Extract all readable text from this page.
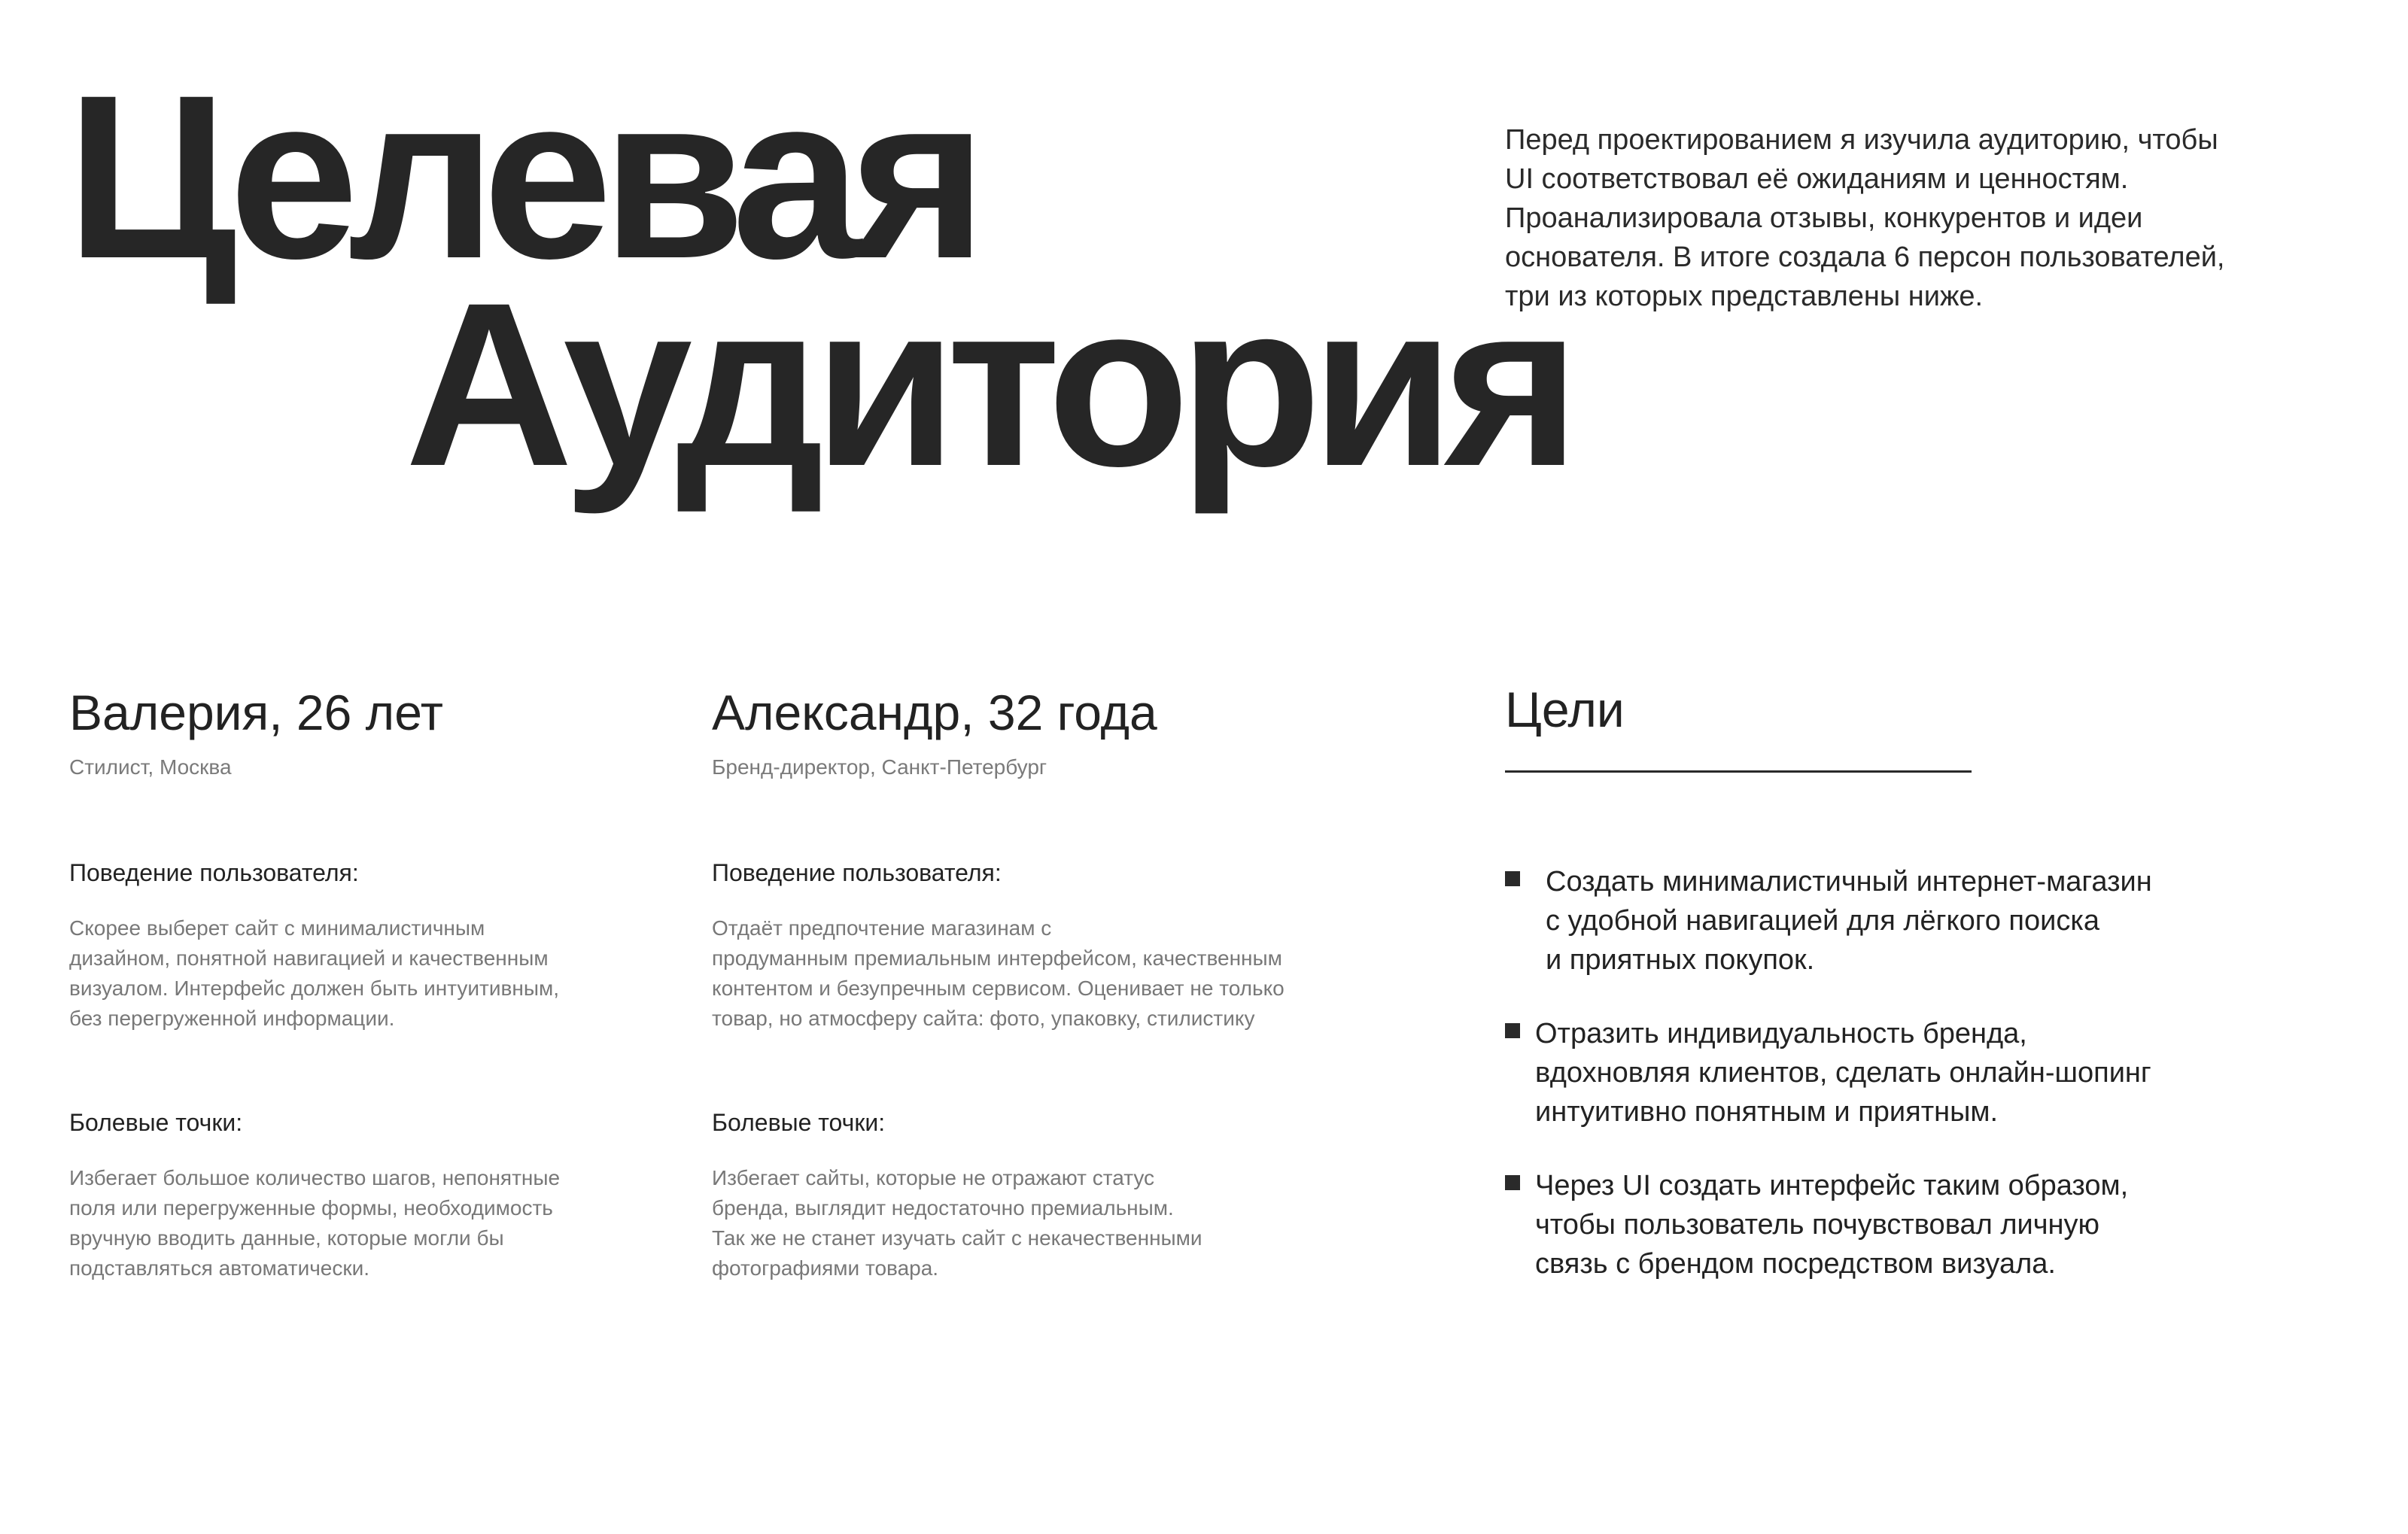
Целевая
Аудитория
Перед проектированием я изучила аудиторию, чтобы
UI соответствовал её ожиданиям и ценностям.
Проанализировала отзывы, конкурентов и идеи
основателя. В итоге создала 6 персон пользователей,
три из которых представлены ниже.
Валерия, 26 лет
Стилист, Москва
Поведение пользователя:
Скорее выберет сайт с минималистичным
дизайном, понятной навигацией и качественным
визуалом. Интерфейс должен быть интуитивным,
без перегруженной информации.
Болевые точки:
Избегает большое количество шагов, непонятные
поля или перегруженные формы, необходимость
вручную вводить данные, которые могли бы
подставляться автоматически.
Александр, 32 года
Бренд-директор, Санкт-Петербург
Поведение пользователя:
Отдаёт предпочтение магазинам с
продуманным премиальным интерфейсом, качественным
контентом и безупречным сервисом. Оценивает не только
товар, но атмосферу сайта: фото, упаковку, стилистику
Болевые точки:
Избегает сайты, которые не отражают статус
бренда, выглядит недостаточно премиальным.
Так же не станет изучать сайт с некачественными
фотографиями товара.
Цели
Создать минималистичный интернет-магазин
с удобной навигацией для лёгкого поиска
и приятных покупок.
Отразить индивидуальность бренда,
вдохновляя клиентов, сделать онлайн-шопинг
интуитивно понятным и приятным.
Через UI создать интерфейс таким образом,
чтобы пользователь почувствовал личную
связь с брендом посредством визуала.
